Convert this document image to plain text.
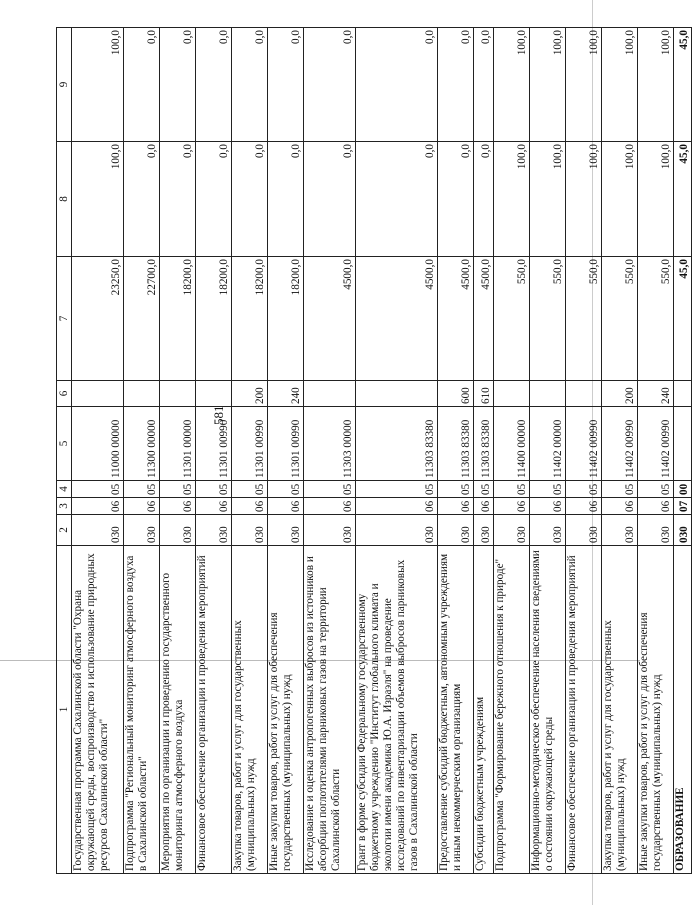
581
1	2	3	4	5	6	7	8	9
Государственная программа Сахалинской области "Охрана окружающей среды, воспроизводство и использование природных ресурсов Сахалинской области"	030	06	05	11000 00000		23250,0	100,0	100,0
Подпрограмма "Региональный мониторинг атмосферного воздуха в Сахалинской области"	030	06	05	11300 00000		22700,0	0,0	0,0
Мероприятия по организации и проведению государственного мониторинга атмосферного воздуха	030	06	05	11301 00000		18200,0	0,0	0,0
Финансовое обеспечение организации и проведения мероприятий	030	06	05	11301 00990		18200,0	0,0	0,0
Закупка товаров, работ и услуг для государственных (муниципальных) нужд	030	06	05	11301 00990	200	18200,0	0,0	0,0
Иные закупки товаров, работ и услуг для обеспечения государственных (муниципальных) нужд	030	06	05	11301 00990	240	18200,0	0,0	0,0
Исследование и оценка антропогенных выбросов из источников и абсорбции поглотителями парниковых газов на территории Сахалинской области	030	06	05	11303 00000		4500,0	0,0	0,0
Грант в форме субсидии Федеральному государственному бюджетному учреждению "Институт глобального климата и экологии имени академика Ю.А. Израэля" на проведение исследований по инвентаризации объемов выбросов парниковых газов в Сахалинской области	030	06	05	11303 83380		4500,0	0,0	0,0
Предоставление субсидий бюджетным, автономным учреждениям и иным некоммерческим организациям	030	06	05	11303 83380	600	4500,0	0,0	0,0
Субсидии бюджетным учреждениям	030	06	05	11303 83380	610	4500,0	0,0	0,0
Подпрограмма "Формирование бережного отношения к природе"	030	06	05	11400 00000		550,0	100,0	100,0
Информационно-методическое обеспечение населения сведениями о состоянии окружающей среды	030	06	05	11402 00000		550,0	100,0	100,0
Финансовое обеспечение организации и проведения мероприятий	030	06	05	11402 00990		550,0	100,0	100,0
Закупка товаров, работ и услуг для государственных (муниципальных) нужд	030	06	05	11402 00990	200	550,0	100,0	100,0
Иные закупки товаров, работ и услуг для обеспечения государственных (муниципальных) нужд	030	06	05	11402 00990	240	550,0	100,0	100,0
ОБРАЗОВАНИЕ	030	07	00			45,0	45,0	45,0
